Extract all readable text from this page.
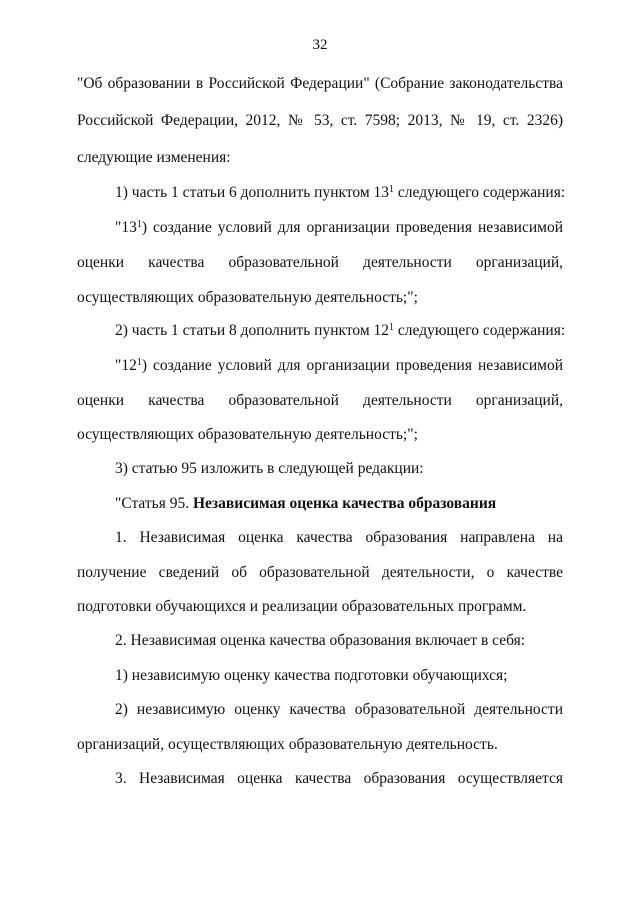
32
"Об образовании в Российской Федерации" (Собрание законодательства
Российской Федерации, 2012, № 53, ст. 7598; 2013, № 19, ст. 2326)
следующие изменения:
1) часть 1 статьи 6 дополнить пунктом $13^1$ следующего содержания:
"$13^1$) создание условий для организации проведения независимой
оценки качества образовательной деятельности организаций,
осуществляющих образовательную деятельность;";
2) часть 1 статьи 8 дополнить пунктом $12^1$ следующего содержания:
"$12^1$) создание условий для организации проведения независимой
оценки качества образовательной деятельности организаций,
осуществляющих образовательную деятельность;";
3) статью 95 изложить в следующей редакции:
"Статья 95. Независимая оценка качества образования
1. Независимая оценка качества образования направлена на
получение сведений об образовательной деятельности, о качестве
подготовки обучающихся и реализации образовательных программ.
2. Независимая оценка качества образования включает в себя:
1) независимую оценку качества подготовки обучающихся;
2) независимую оценку качества образовательной деятельности
организаций, осуществляющих образовательную деятельность.
3. Независимая оценка качества образования осуществляется
